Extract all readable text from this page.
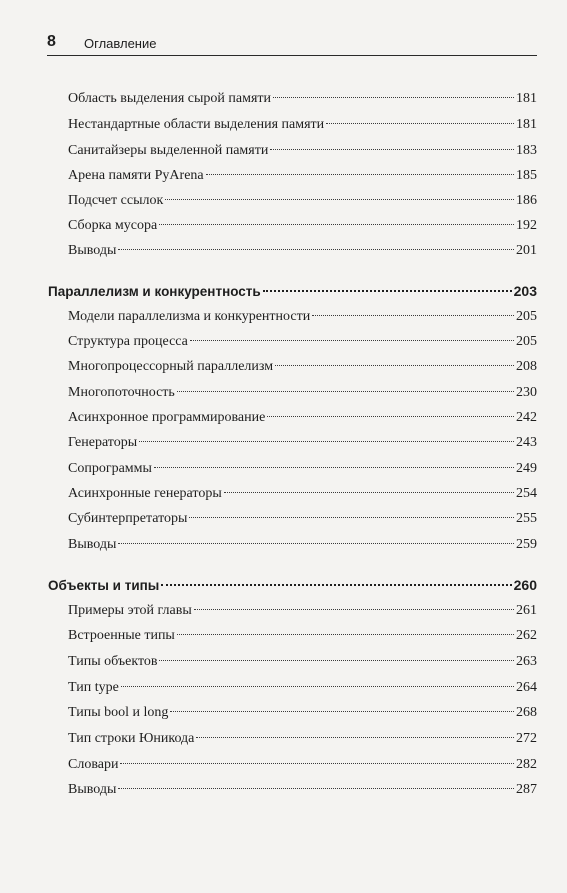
8 Оглавление
Область выделения сырой памяти	181
Нестандартные области выделения памяти	181
Санитайзеры выделенной памяти	183
Арена памяти PyArena	185
Подсчет ссылок	186
Сборка мусора	192
Выводы	201
Параллелизм и конкурентность	203
Модели параллелизма и конкурентности	205
Структура процесса	205
Многопроцессорный параллелизм	208
Многопоточность	230
Асинхронное программирование	242
Генераторы	243
Сопрограммы	249
Асинхронные генераторы	254
Субинтерпретаторы	255
Выводы	259
Объекты и типы	260
Примеры этой главы	261
Встроенные типы	262
Типы объектов	263
Тип type	264
Типы bool и long	268
Тип строки Юникода	272
Словари	282
Выводы	287
